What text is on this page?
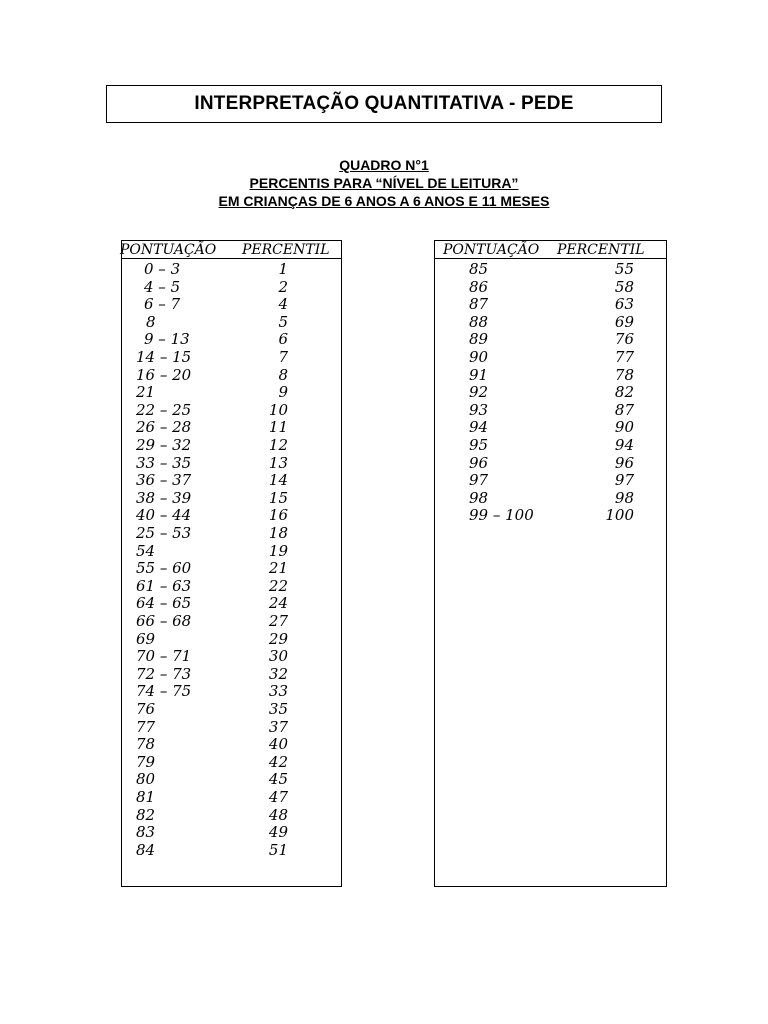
INTERPRETAÇÃO QUANTITATIVA - PEDE
QUADRO N°1
PERCENTIS PARA “NÍVEL DE LEITURA”
EM CRIANÇAS DE 6 ANOS A 6 ANOS E 11 MESES
PONTUAÇÃO PERCENTIL
0 – 3	1
4 – 5	2
6 – 7	4
8	5
9 – 13	6
14 – 15	7
16 – 20	8
21	9
22 – 25	10
26 – 28	11
29 – 32	12
33 – 35	13
36 – 37	14
38 – 39	15
40 – 44	16
25 – 53	18
54	19
55 – 60	21
61 – 63	22
64 – 65	24
66 – 68	27
69	29
70 – 71	30
72 – 73	32
74 – 75	33
76	35
77	37
78	40
79	42
80	45
81	47
82	48
83	49
84	51
PONTUAÇÃO PERCENTIL
85	55
86	58
87	63
88	69
89	76
90	77
91	78
92	82
93	87
94	90
95	94
96	96
97	97
98	98
99 – 100	100
